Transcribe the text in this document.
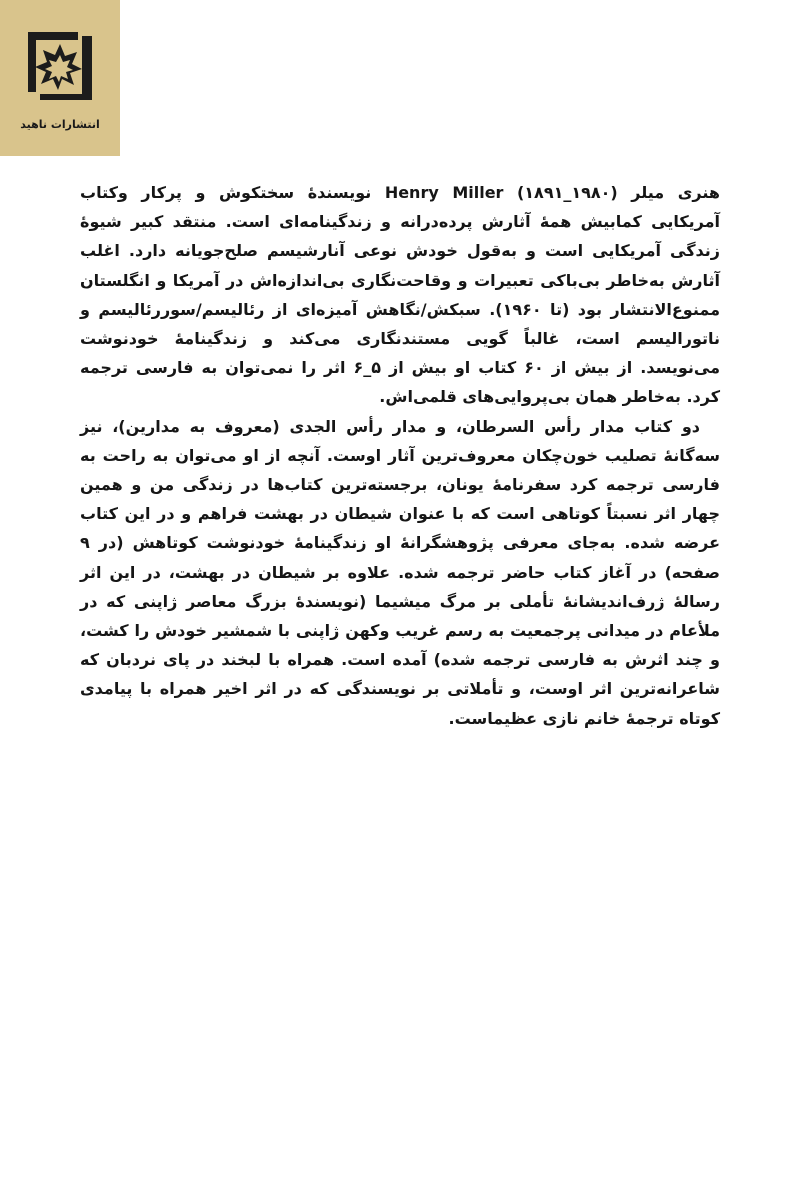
انتشارات ناهید

هنری میلر Henry Miller (۱۸۹۱_۱۹۸۰) نویسندهٔ سختکوش و پرکار وکتاب آمریکایی کمابیش همهٔ آثارش پرده‌درانه و زندگینامه‌ای است. منتقد کبیر شیوهٔ زندگی آمریکایی است و به‌قول خودش نوعی آنارشیسم صلح‌جویانه دارد. اغلب آثارش به‌خاطر بی‌باکی تعبیرات و وقاحت‌نگاری بی‌اندازه‌اش در آمریکا و انگلستان ممنوع‌الانتشار بود (تا ۱۹۶۰). سبکش/نگاهش آمیزه‌ای از رئالیسم/سوررئالیسم و ناتورالیسم است، غالباً گویی مستندنگاری می‌کند و زندگینامهٔ خودنوشت می‌نویسد. از بیش از ۶۰ کتاب او بیش از ۵_۶ اثر را نمی‌توان به فارسی ترجمه کرد. به‌خاطر همان بی‌پروایی‌های قلمی‌اش.

دو کتاب مدار رأس السرطان، و مدار رأس الجدی (معروف به مدارین)، نیز سه‌گانهٔ تصلیب خون‌چکان معروف‌ترین آثار اوست. آنچه از او می‌توان به راحت به فارسی ترجمه کرد سفرنامهٔ یونان، برجسته‌ترین کتاب‌ها در زندگی من و همین چهار اثر نسبتاً کوتاهی است که با عنوان شیطان در بهشت فراهم و در این کتاب عرضه شده. به‌جای معرفی پژوهشگرانهٔ او زندگینامهٔ خودنوشت کوتاهش (در ۹ صفحه) در آغاز کتاب حاضر ترجمه شده. علاوه بر شیطان در بهشت، در این اثر رسالهٔ ژرف‌اندیشانهٔ تأملی بر مرگ میشیما (نویسندهٔ بزرگ معاصر ژاپنی که در ملأعام در میدانی پرجمعیت به رسم غریب وکهن ژاپنی با شمشیر خودش را کشت، و چند اثرش به فارسی ترجمه شده) آمده است. همراه با لبخند در پای نردبان که شاعرانه‌ترین اثر اوست، و تأملاتی بر نویسندگی که در اثر اخیر همراه با پیامدی کوتاه ترجمهٔ خانم نازی عظیماست.
